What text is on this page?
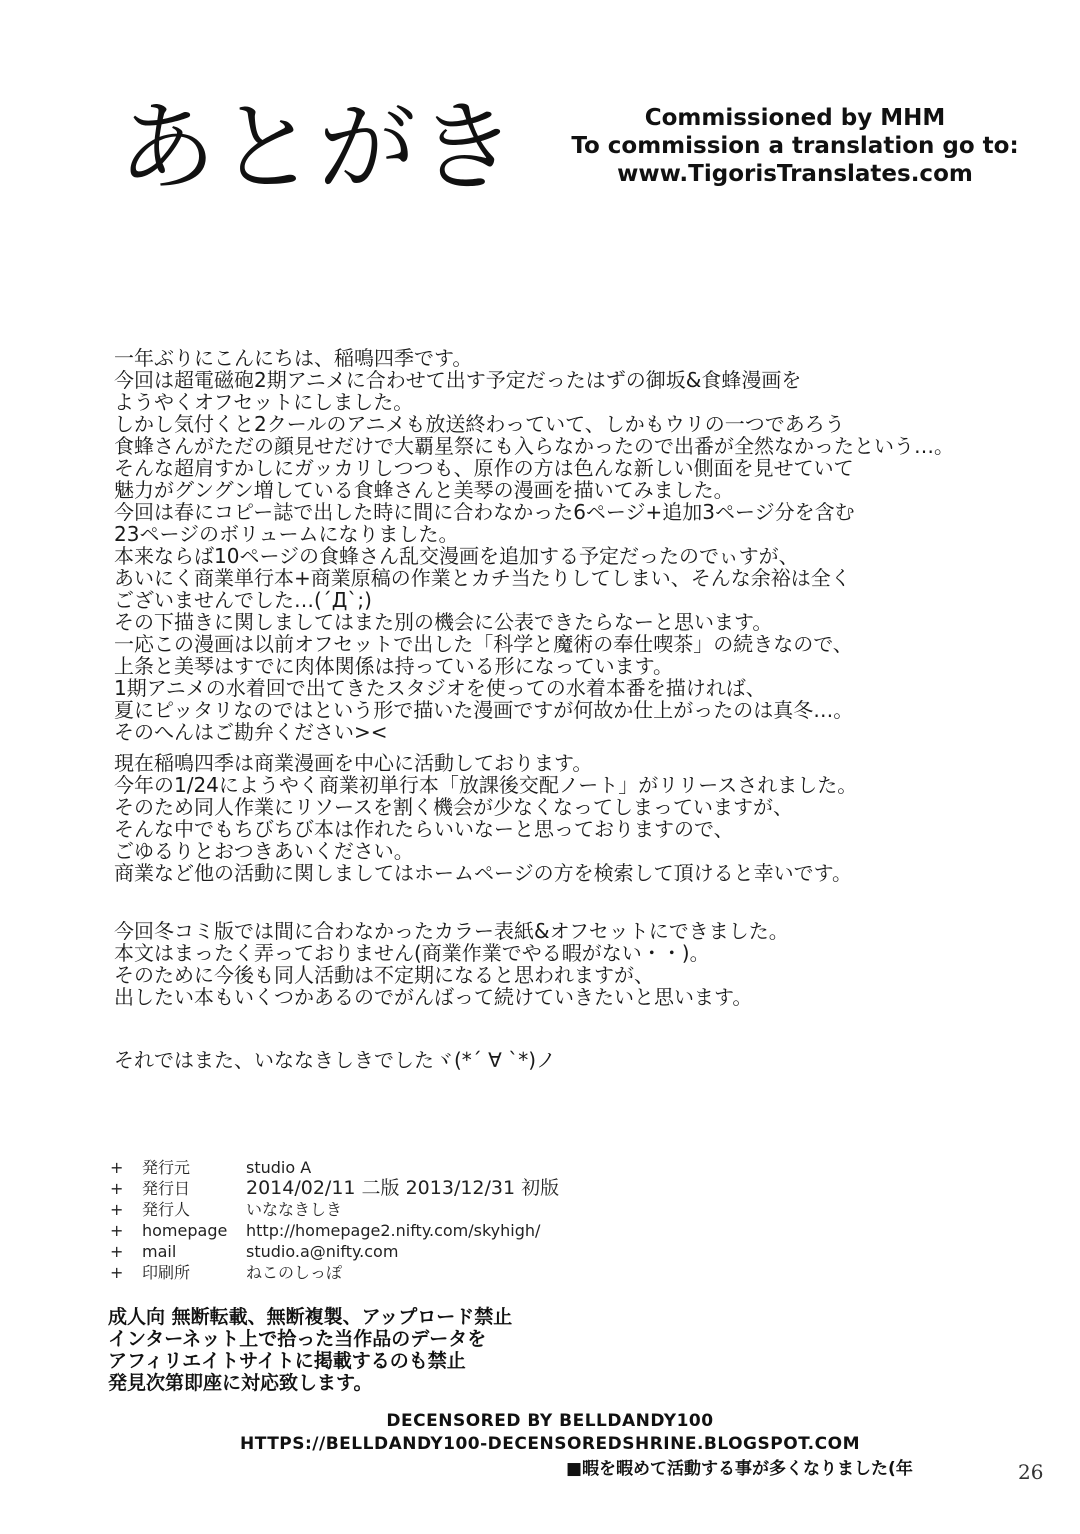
あとがき	Commissioned by MHM
To commission a translation go to:
www.TigorisTranslates.com
一年ぶりにこんにちは、稲鳴四季です。
今回は超電磁砲2期アニメに合わせて出す予定だったはずの御坂&食蜂漫画を
ようやくオフセットにしました。
しかし気付くと2クールのアニメも放送終わっていて、しかもウリの一つであろう
食蜂さんがただの顔見せだけで大覇星祭にも入らなかったので出番が全然なかったという…。
そんな超肩すかしにガッカリしつつも、原作の方は色んな新しい側面を見せていて
魅力がグングン増している食蜂さんと美琴の漫画を描いてみました。
今回は春にコピー誌で出した時に間に合わなかった6ページ+追加3ページ分を含む
23ページのボリュームになりました。
本来ならば10ページの食蜂さん乱交漫画を追加する予定だったのでぃすが、
あいにく商業単行本+商業原稿の作業とカチ当たりしてしまい、そんな余裕は全く
ございませんでした…(´Д`;)
その下描きに関しましてはまた別の機会に公表できたらなーと思います。
一応この漫画は以前オフセットで出した「科学と魔術の奉仕喫茶」の続きなので、
上条と美琴はすでに肉体関係は持っている形になっています。
1期アニメの水着回で出てきたスタジオを使っての水着本番を描ければ、
夏にピッタリなのではという形で描いた漫画ですが何故か仕上がったのは真冬…。
そのへんはご勘弁ください><
現在稲鳴四季は商業漫画を中心に活動しております。
今年の1/24にようやく商業初単行本「放課後交配ノート」がリリースされました。
そのため同人作業にリソースを割く機会が少なくなってしまっていますが、
そんな中でもちびちび本は作れたらいいなーと思っておりますので、
ごゆるりとおつきあいください。
商業など他の活動に関しましてはホームページの方を検索して頂けると幸いです。
今回冬コミ版では間に合わなかったカラー表紙&オフセットにできました。
本文はまったく弄っておりません(商業作業でやる暇がない・・)。
そのために今後も同人活動は不定期になると思われますが、
出したい本もいくつかあるのでがんばって続けていきたいと思います。
それではまた、いななきしきでしたヾ(*´ ∀ `*)ノ
+	発行元	studio A
+	発行日	2014/02/11 二版 2013/12/31 初版
+	発行人	いななきしき
+	homepage	http://homepage2.nifty.com/skyhigh/
+	mail	studio.a@nifty.com
+	印刷所	ねこのしっぽ
成人向 無断転載、無断複製、アップロード禁止
インターネット上で拾った当作品のデータを
アフィリエイトサイトに掲載するのも禁止
発見次第即座に対応致します。
DECENSORED BY BELLDANDY100
HTTPS://BELLDANDY100-DECENSOREDSHRINE.BLOGSPOT.COM
■暇を暇めて活動する事が多くなりました(年	26
